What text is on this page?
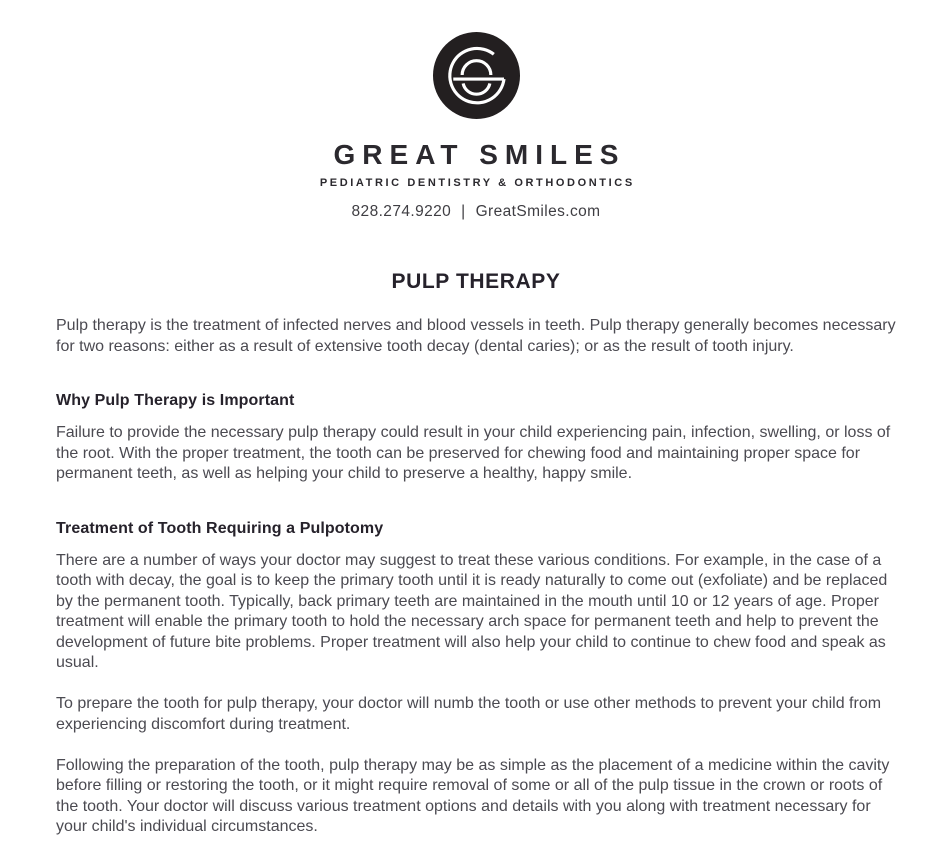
GREAT SMILES
PEDIATRIC DENTISTRY & ORTHODONTICS
828.274.9220 | GreatSmiles.com
PULP THERAPY

Pulp therapy is the treatment of infected nerves and blood vessels in teeth. Pulp therapy generally becomes necessary for two reasons: either as a result of extensive tooth decay (dental caries); or as the result of tooth injury.

Why Pulp Therapy is Important

Failure to provide the necessary pulp therapy could result in your child experiencing pain, infection, swelling, or loss of the root. With the proper treatment, the tooth can be preserved for chewing food and maintaining proper space for permanent teeth, as well as helping your child to preserve a healthy, happy smile.

Treatment of Tooth Requiring a Pulpotomy

There are a number of ways your doctor may suggest to treat these various conditions. For example, in the case of a tooth with decay, the goal is to keep the primary tooth until it is ready naturally to come out (exfoliate) and be replaced by the permanent tooth. Typically, back primary teeth are maintained in the mouth until 10 or 12 years of age. Proper treatment will enable the primary tooth to hold the necessary arch space for permanent teeth and help to prevent the development of future bite problems. Proper treatment will also help your child to continue to chew food and speak as usual.

To prepare the tooth for pulp therapy, your doctor will numb the tooth or use other methods to prevent your child from experiencing discomfort during treatment.

Following the preparation of the tooth, pulp therapy may be as simple as the placement of a medicine within the cavity before filling or restoring the tooth, or it might require removal of some or all of the pulp tissue in the crown or roots of the tooth. Your doctor will discuss various treatment options and details with you along with treatment necessary for your child's individual circumstances.
